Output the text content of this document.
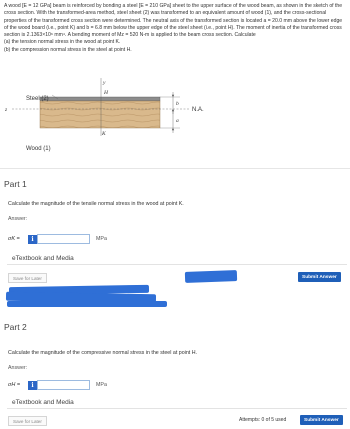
A wood [E = 12 GPa] beam is reinforced by bonding a steel [E = 210 GPa] sheet to the upper surface of the wood beam, as shown in the sketch of the cross section. With the transformed-area method, steel sheet (2) was transformed to an equivalent amount of wood (1), and the cross-sectional properties of the transformed cross section were determined. The neutral axis of the transformed section is located a = 20.0 mm above the lower edge of the wood board (i.e., point K) and b = 6.8 mm below the upper edge of the steel sheet (i.e., point H). The moment of inertia of the transformed cross section is 2.1363×10⁶ mm⁴. A bending moment of Mz = 520 N-m is applied to the beam cross section. Calculate
(a) the tension normal stress in the wood at point K.
(b) the compression normal stress in the steel at point H.
Steel (2)
Wood (1)
y
z
H
K
b
a
N.A.
Part 1
Calculate the magnitude of the tensile normal stress in the wood at point K.
Answer:
σK =	i	MPa
eTextbook and Media
Save for Later	Submit Answer
Part 2
Calculate the magnitude of the compressive normal stress in the steel at point H.
Answer:
σH =	i	MPa
eTextbook and Media
Save for Later	Attempts: 0 of 5 used	Submit Answer
